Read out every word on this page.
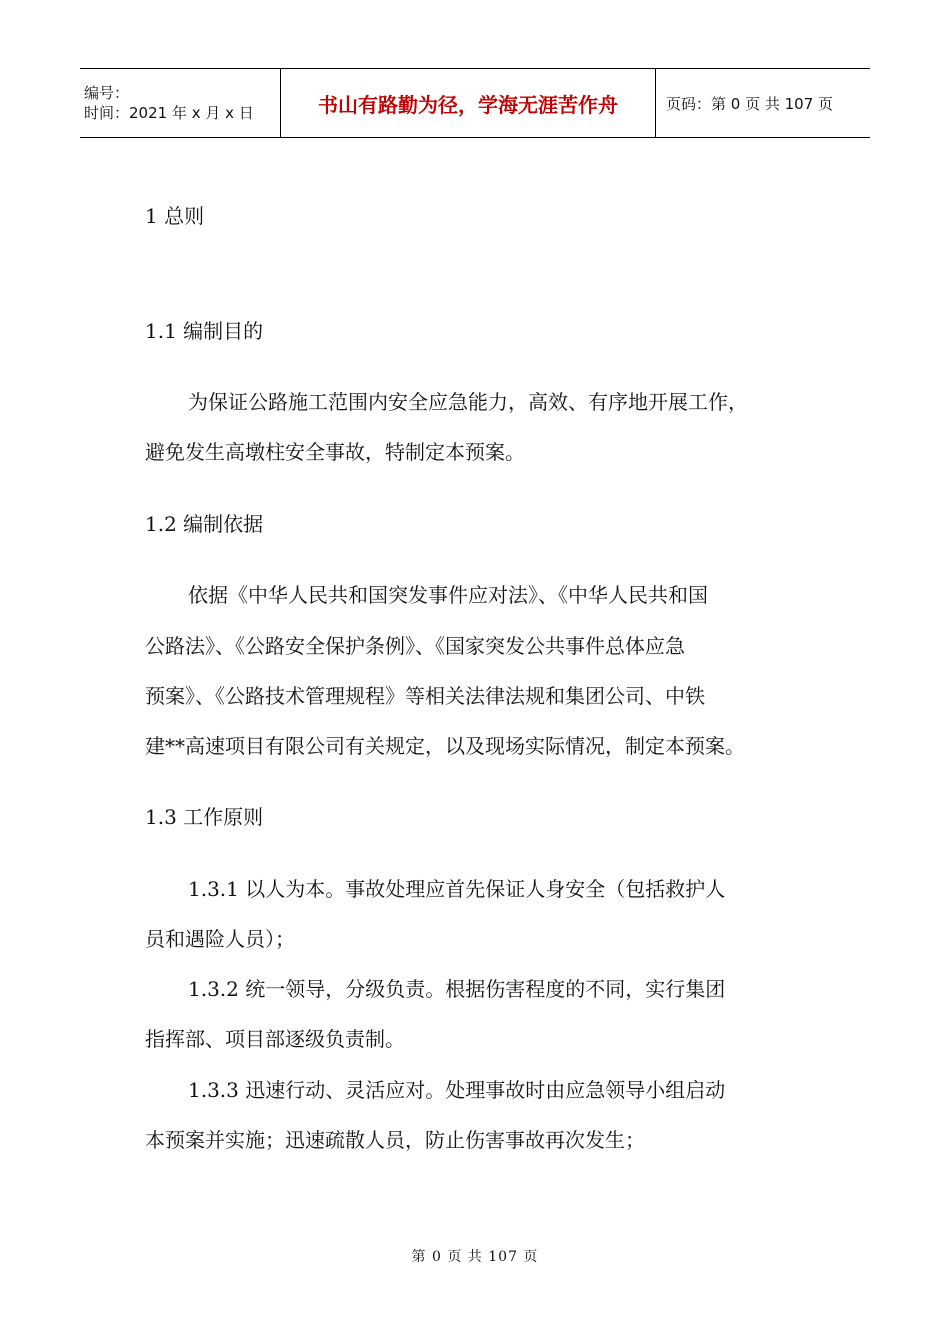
编号：
时间：2021 年 x 月 x 日	书山有路勤为径，学海无涯苦作舟	页码：第 0 页 共 107 页
1 总则
1.1 编制目的
为保证公路施工范围内安全应急能力，高效、有序地开展工作，
避免发生高墩柱安全事故，特制定本预案。
1.2 编制依据
依据《中华人民共和国突发事件应对法》、《中华人民共和国
公路法》、《公路安全保护条例》、《国家突发公共事件总体应急
预案》、《公路技术管理规程》等相关法律法规和集团公司、中铁
建**高速项目有限公司有关规定，以及现场实际情况，制定本预案。
1.3 工作原则
1.3.1 以人为本。事故处理应首先保证人身安全（包括救护人
员和遇险人员）；
1.3.2 统一领导，分级负责。根据伤害程度的不同，实行集团
指挥部、项目部逐级负责制。
1.3.3 迅速行动、灵活应对。处理事故时由应急领导小组启动
本预案并实施；迅速疏散人员，防止伤害事故再次发生；
第 0 页 共 107 页
